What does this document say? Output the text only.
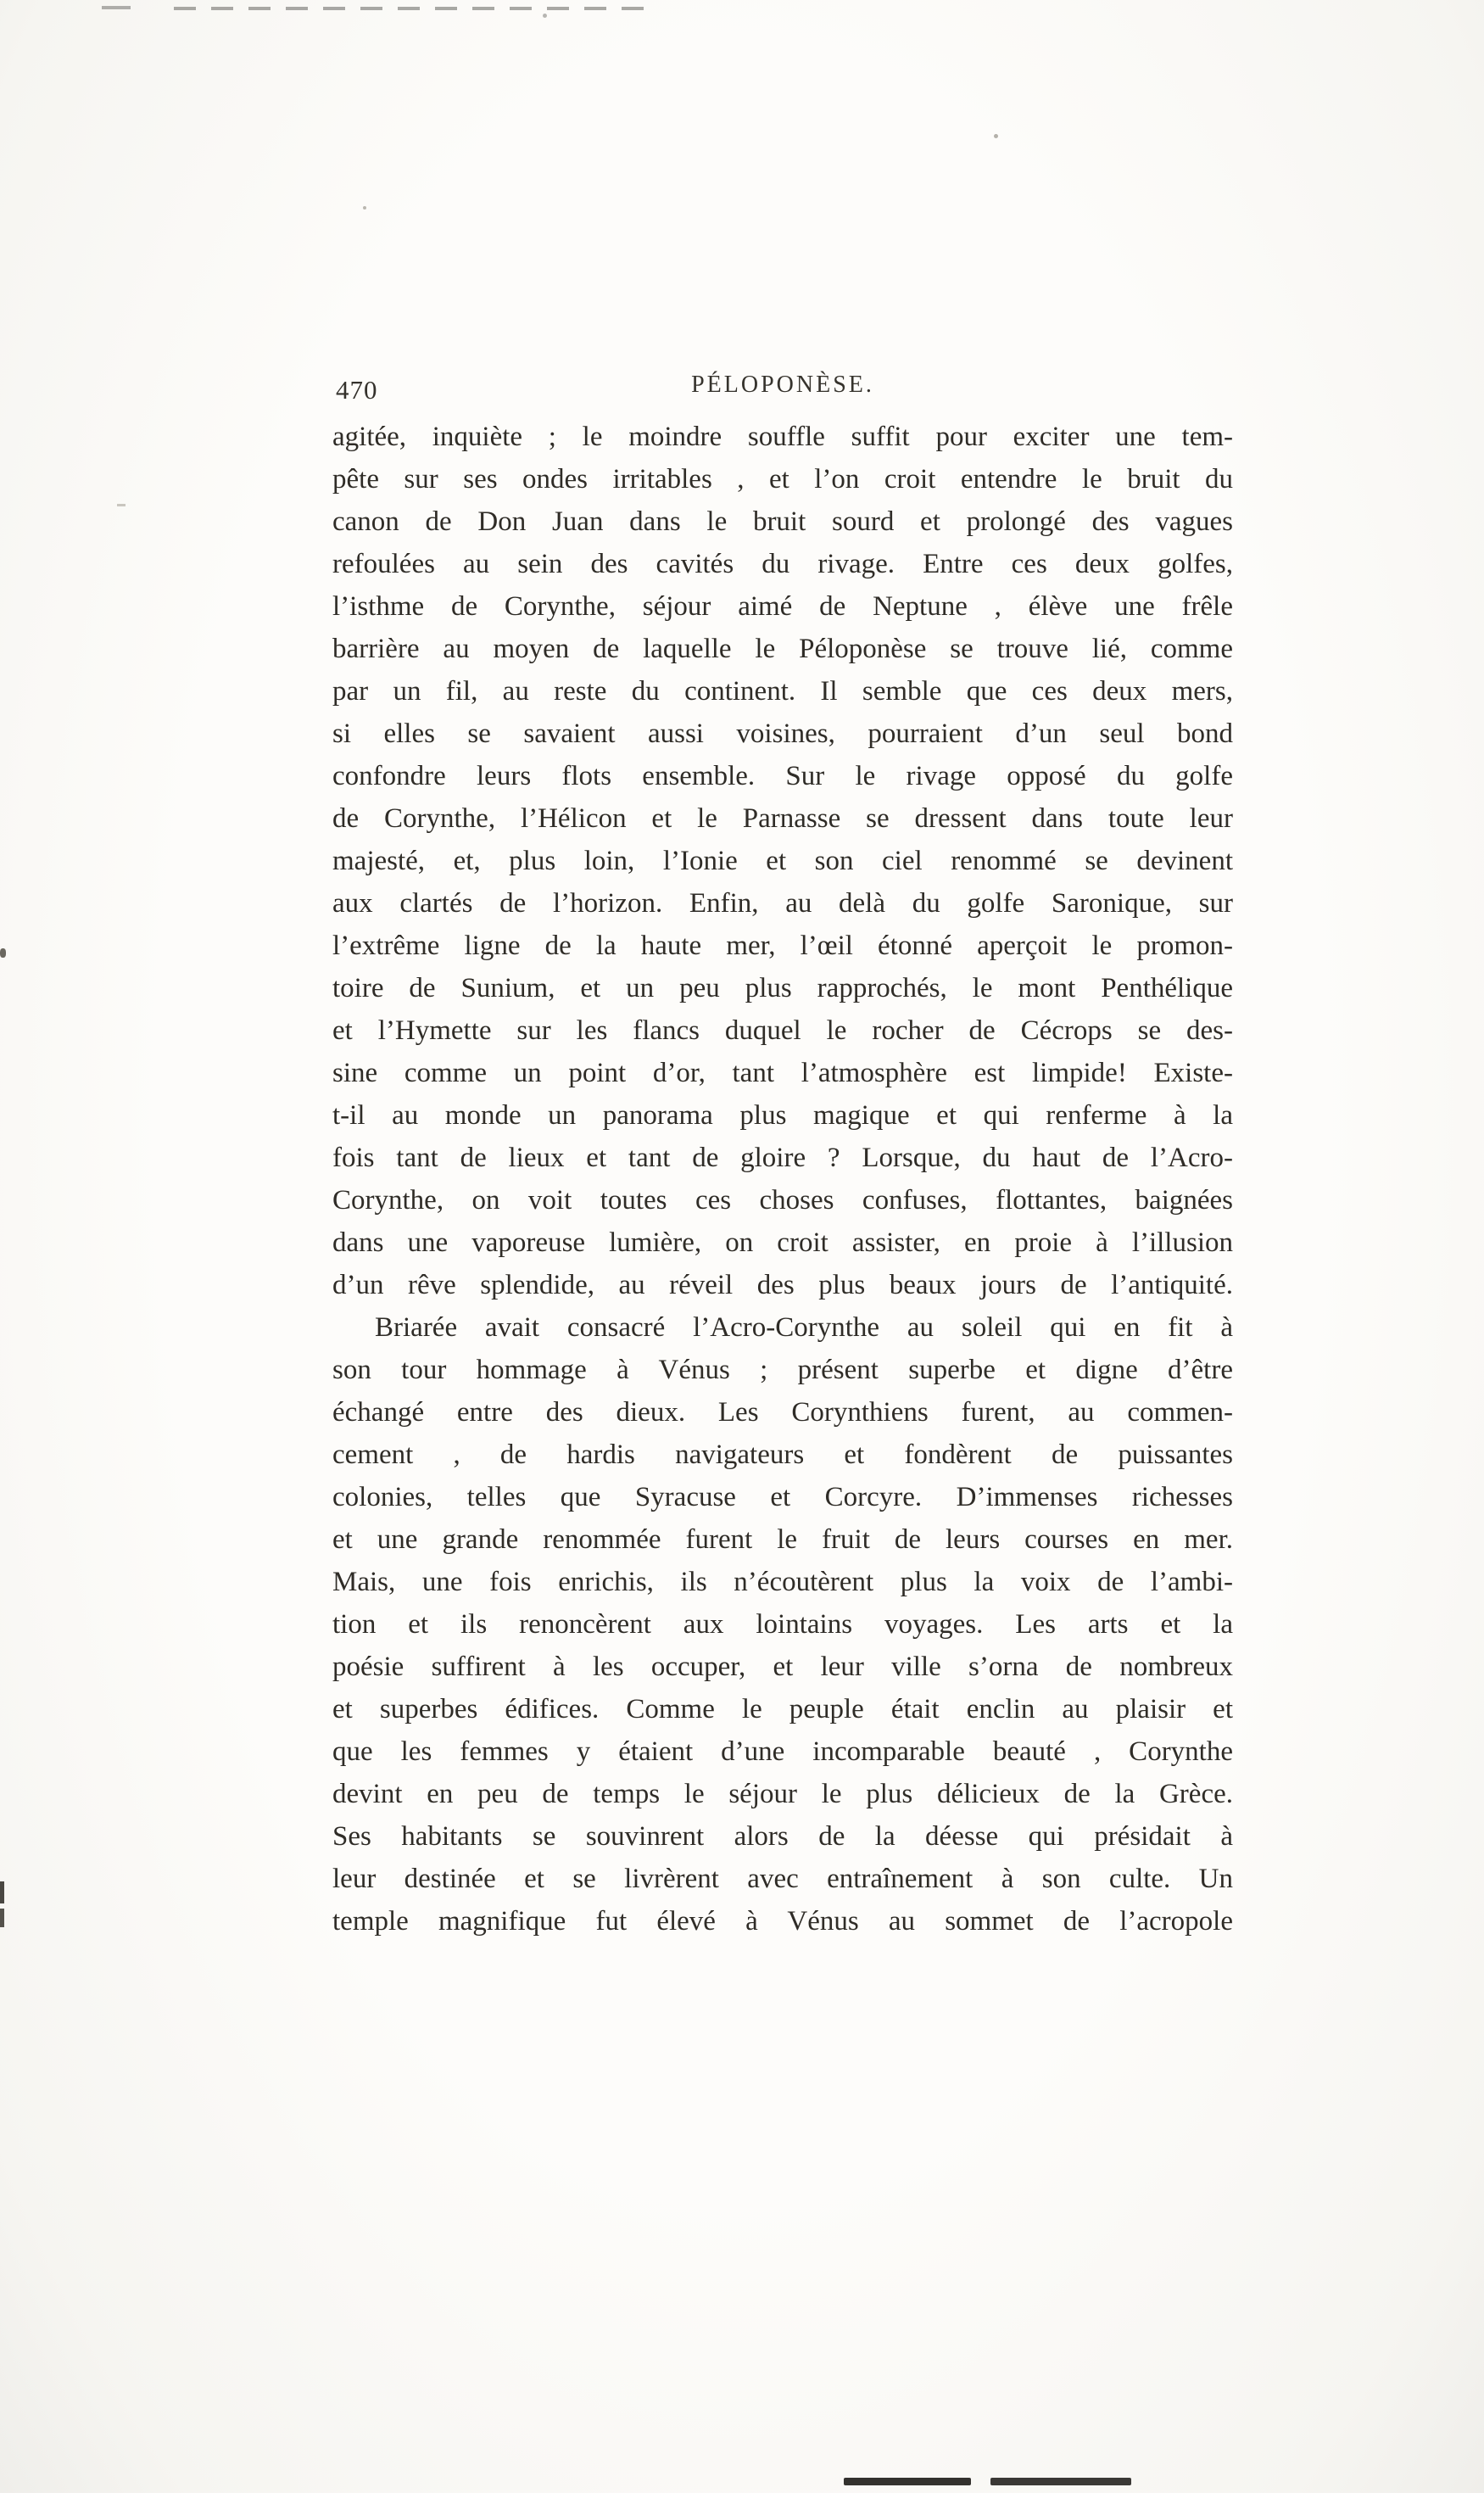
470	PÉLOPONÈSE.
agitée, inquiète ; le moindre souffle suffit pour exciter une tem-
pête sur ses ondes irritables , et l’on croit entendre le bruit du
canon de Don Juan dans le bruit sourd et prolongé des vagues
refoulées au sein des cavités du rivage. Entre ces deux golfes,
l’isthme de Corynthe, séjour aimé de Neptune , élève une frêle
barrière au moyen de laquelle le Péloponèse se trouve lié, comme
par un fil, au reste du continent. Il semble que ces deux mers,
si elles se savaient aussi voisines, pourraient d’un seul bond
confondre leurs flots ensemble. Sur le rivage opposé du golfe
de Corynthe, l’Hélicon et le Parnasse se dressent dans toute leur
majesté, et, plus loin, l’Ionie et son ciel renommé se devinent
aux clartés de l’horizon. Enfin, au delà du golfe Saronique, sur
l’extrême ligne de la haute mer, l’œil étonné aperçoit le promon-
toire de Sunium, et un peu plus rapprochés, le mont Penthélique
et l’Hymette sur les flancs duquel le rocher de Cécrops se des-
sine comme un point d’or, tant l’atmosphère est limpide! Existe-
t-il au monde un panorama plus magique et qui renferme à la
fois tant de lieux et tant de gloire ? Lorsque, du haut de l’Acro-
Corynthe, on voit toutes ces choses confuses, flottantes, baignées
dans une vaporeuse lumière, on croit assister, en proie à l’illusion
d’un rêve splendide, au réveil des plus beaux jours de l’antiquité.
Briarée avait consacré l’Acro-Corynthe au soleil qui en fit à
son tour hommage à Vénus ; présent superbe et digne d’être
échangé entre des dieux. Les Corynthiens furent, au commen-
cement , de hardis navigateurs et fondèrent de puissantes
colonies, telles que Syracuse et Corcyre. D’immenses richesses
et une grande renommée furent le fruit de leurs courses en mer.
Mais, une fois enrichis, ils n’écoutèrent plus la voix de l’ambi-
tion et ils renoncèrent aux lointains voyages. Les arts et la
poésie suffirent à les occuper, et leur ville s’orna de nombreux
et superbes édifices. Comme le peuple était enclin au plaisir et
que les femmes y étaient d’une incomparable beauté , Corynthe
devint en peu de temps le séjour le plus délicieux de la Grèce.
Ses habitants se souvinrent alors de la déesse qui présidait à
leur destinée et se livrèrent avec entraînement à son culte. Un
temple magnifique fut élevé à Vénus au sommet de l’acropole
